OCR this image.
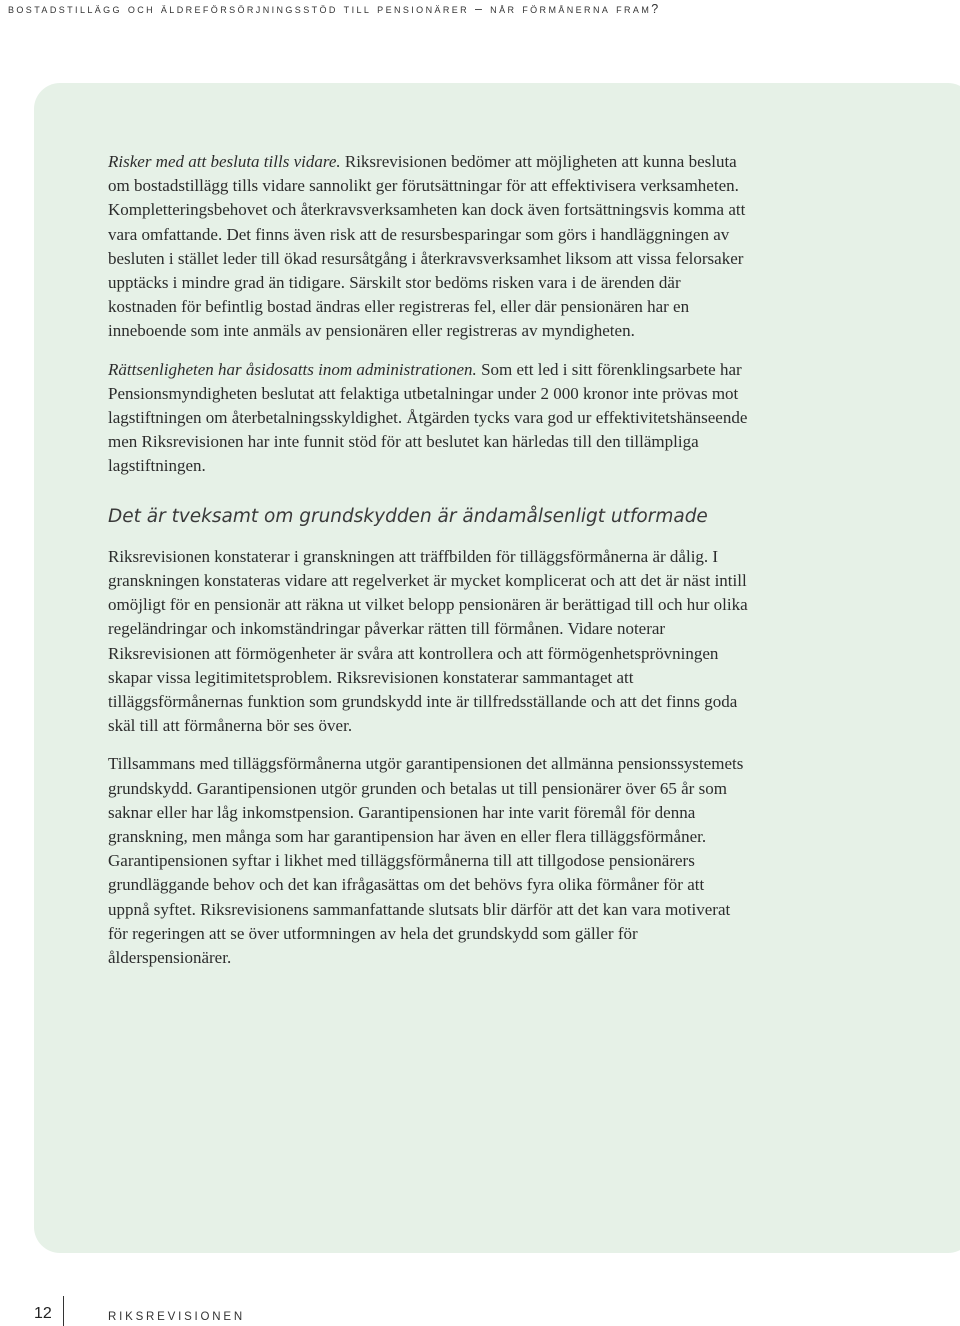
bostadstillägg och äldreförsörjningsstöd till pensionärer – når förmånerna fram?

Risker med att besluta tills vidare. Riksrevisionen bedömer att möjligheten att kunna besluta om bostadstillägg tills vidare sannolikt ger förutsättningar för att effektivisera verksamheten. Kompletteringsbehovet och återkravsverksamheten kan dock även fortsättningsvis komma att vara omfattande. Det finns även risk att de resursbesparingar som görs i handläggningen av besluten i stället leder till ökad resursåtgång i återkravsverksamhet liksom att vissa felorsaker upptäcks i mindre grad än tidigare. Särskilt stor bedöms risken vara i de ärenden där kostnaden för befintlig bostad ändras eller registreras fel, eller där pensionären har en inneboende som inte anmäls av pensionären eller registreras av myndigheten.

Rättsenligheten har åsidosatts inom administrationen. Som ett led i sitt förenklingsarbete har Pensionsmyndigheten beslutat att felaktiga utbetalningar under 2 000 kronor inte prövas mot lagstiftningen om återbetalningsskyldighet. Åtgärden tycks vara god ur effektivitetshänseende men Riksrevisionen har inte funnit stöd för att beslutet kan härledas till den tillämpliga lagstiftningen.

Det är tveksamt om grundskydden är ändamålsenligt utformade

Riksrevisionen konstaterar i granskningen att träffbilden för tilläggsförmånerna är dålig. I granskningen konstateras vidare att regelverket är mycket komplicerat och att det är näst intill omöjligt för en pensionär att räkna ut vilket belopp pensionären är berättigad till och hur olika regeländringar och inkomständringar påverkar rätten till förmånen. Vidare noterar Riksrevisionen att förmögenheter är svåra att kontrollera och att förmögenhetsprövningen skapar vissa legitimitetsproblem. Riksrevisionen konstaterar sammantaget att tilläggsförmånernas funktion som grundskydd inte är tillfredsställande och att det finns goda skäl till att förmånerna bör ses över.

Tillsammans med tilläggsförmånerna utgör garantipensionen det allmänna pensionssystemets grundskydd. Garantipensionen utgör grunden och betalas ut till pensionärer över 65 år som saknar eller har låg inkomstpension. Garantipensionen har inte varit föremål för denna granskning, men många som har garantipension har även en eller flera tilläggsförmåner. Garantipensionen syftar i likhet med tilläggsförmånerna till att tillgodose pensionärers grundläggande behov och det kan ifrågasättas om det behövs fyra olika förmåner för att uppnå syftet. Riksrevisionens sammanfattande slutsats blir därför att det kan vara motiverat för regeringen att se över utformningen av hela det grundskydd som gäller för ålderspensionärer.

12	RIKSREVISIONEN
